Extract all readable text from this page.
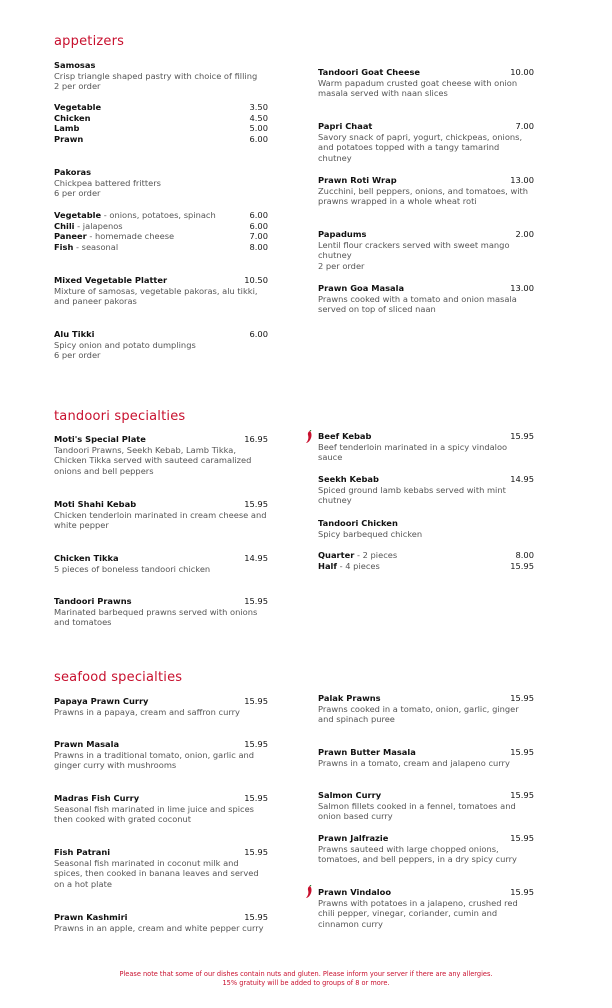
appetizers
Samosas
Crisp triangle shaped pastry with choice of filling
2 per order
Vegetable	3.50
Chicken	4.50
Lamb	5.00
Prawn	6.00
Pakoras
Chickpea battered fritters
6 per order
Vegetable - onions, potatoes, spinach	6.00
Chili - jalapenos	6.00
Paneer - homemade cheese	7.00
Fish - seasonal	8.00
Mixed Vegetable Platter	10.50
Mixture of samosas, vegetable pakoras, alu tikki, and paneer pakoras
Alu Tikki	6.00
Spicy onion and potato dumplings
6 per order
Tandoori Goat Cheese	10.00
Warm papadum crusted goat cheese with onion masala served with naan slices
Papri Chaat	7.00
Savory snack of papri, yogurt, chickpeas, onions, and potatoes topped with a tangy tamarind chutney
Prawn Roti Wrap	13.00
Zucchini, bell peppers, onions, and tomatoes, with prawns wrapped in a whole wheat roti
Papadums	2.00
Lentil flour crackers served with sweet mango chutney
2 per order
Prawn Goa Masala	13.00
Prawns cooked with a tomato and onion masala served on top of sliced naan
tandoori specialties
Moti's Special Plate	16.95
Tandoori Prawns, Seekh Kebab, Lamb Tikka, Chicken Tikka served with sauteed caramalized onions and bell peppers
Moti Shahi Kebab	15.95
Chicken tenderloin marinated in cream cheese and white pepper
Chicken Tikka	14.95
5 pieces of boneless tandoori chicken
Tandoori Prawns	15.95
Marinated barbequed prawns served with onions and tomatoes
Beef Kebab	15.95
Beef tenderloin marinated in a spicy vindaloo sauce
Seekh Kebab	14.95
Spiced ground lamb kebabs served with mint chutney
Tandoori Chicken
Spicy barbequed chicken
Quarter - 2 pieces	8.00
Half - 4 pieces	15.95
seafood specialties
Papaya Prawn Curry	15.95
Prawns in a papaya, cream and saffron curry
Prawn Masala	15.95
Prawns in a traditional tomato, onion, garlic and ginger curry with mushrooms
Madras Fish Curry	15.95
Seasonal fish marinated in lime juice and spices then cooked with grated coconut
Fish Patrani	15.95
Seasonal fish marinated in coconut milk and spices, then cooked in banana leaves and served on a hot plate
Prawn Kashmiri	15.95
Prawns in an apple, cream and white pepper curry
Palak Prawns	15.95
Prawns cooked in a tomato, onion, garlic, ginger and spinach puree
Prawn Butter Masala	15.95
Prawns in a tomato, cream and jalapeno curry
Salmon Curry	15.95
Salmon fillets cooked in a fennel, tomatoes and onion based curry
Prawn Jalfrazie	15.95
Prawns sauteed with large chopped onions, tomatoes, and bell peppers, in a dry spicy curry
Prawn Vindaloo	15.95
Prawns with potatoes in a jalapeno, crushed red chili pepper, vinegar, coriander, cumin and cinnamon curry
Please note that some of our dishes contain nuts and gluten. Please inform your server if there are any allergies.
15% gratuity will be added to groups of 8 or more.
